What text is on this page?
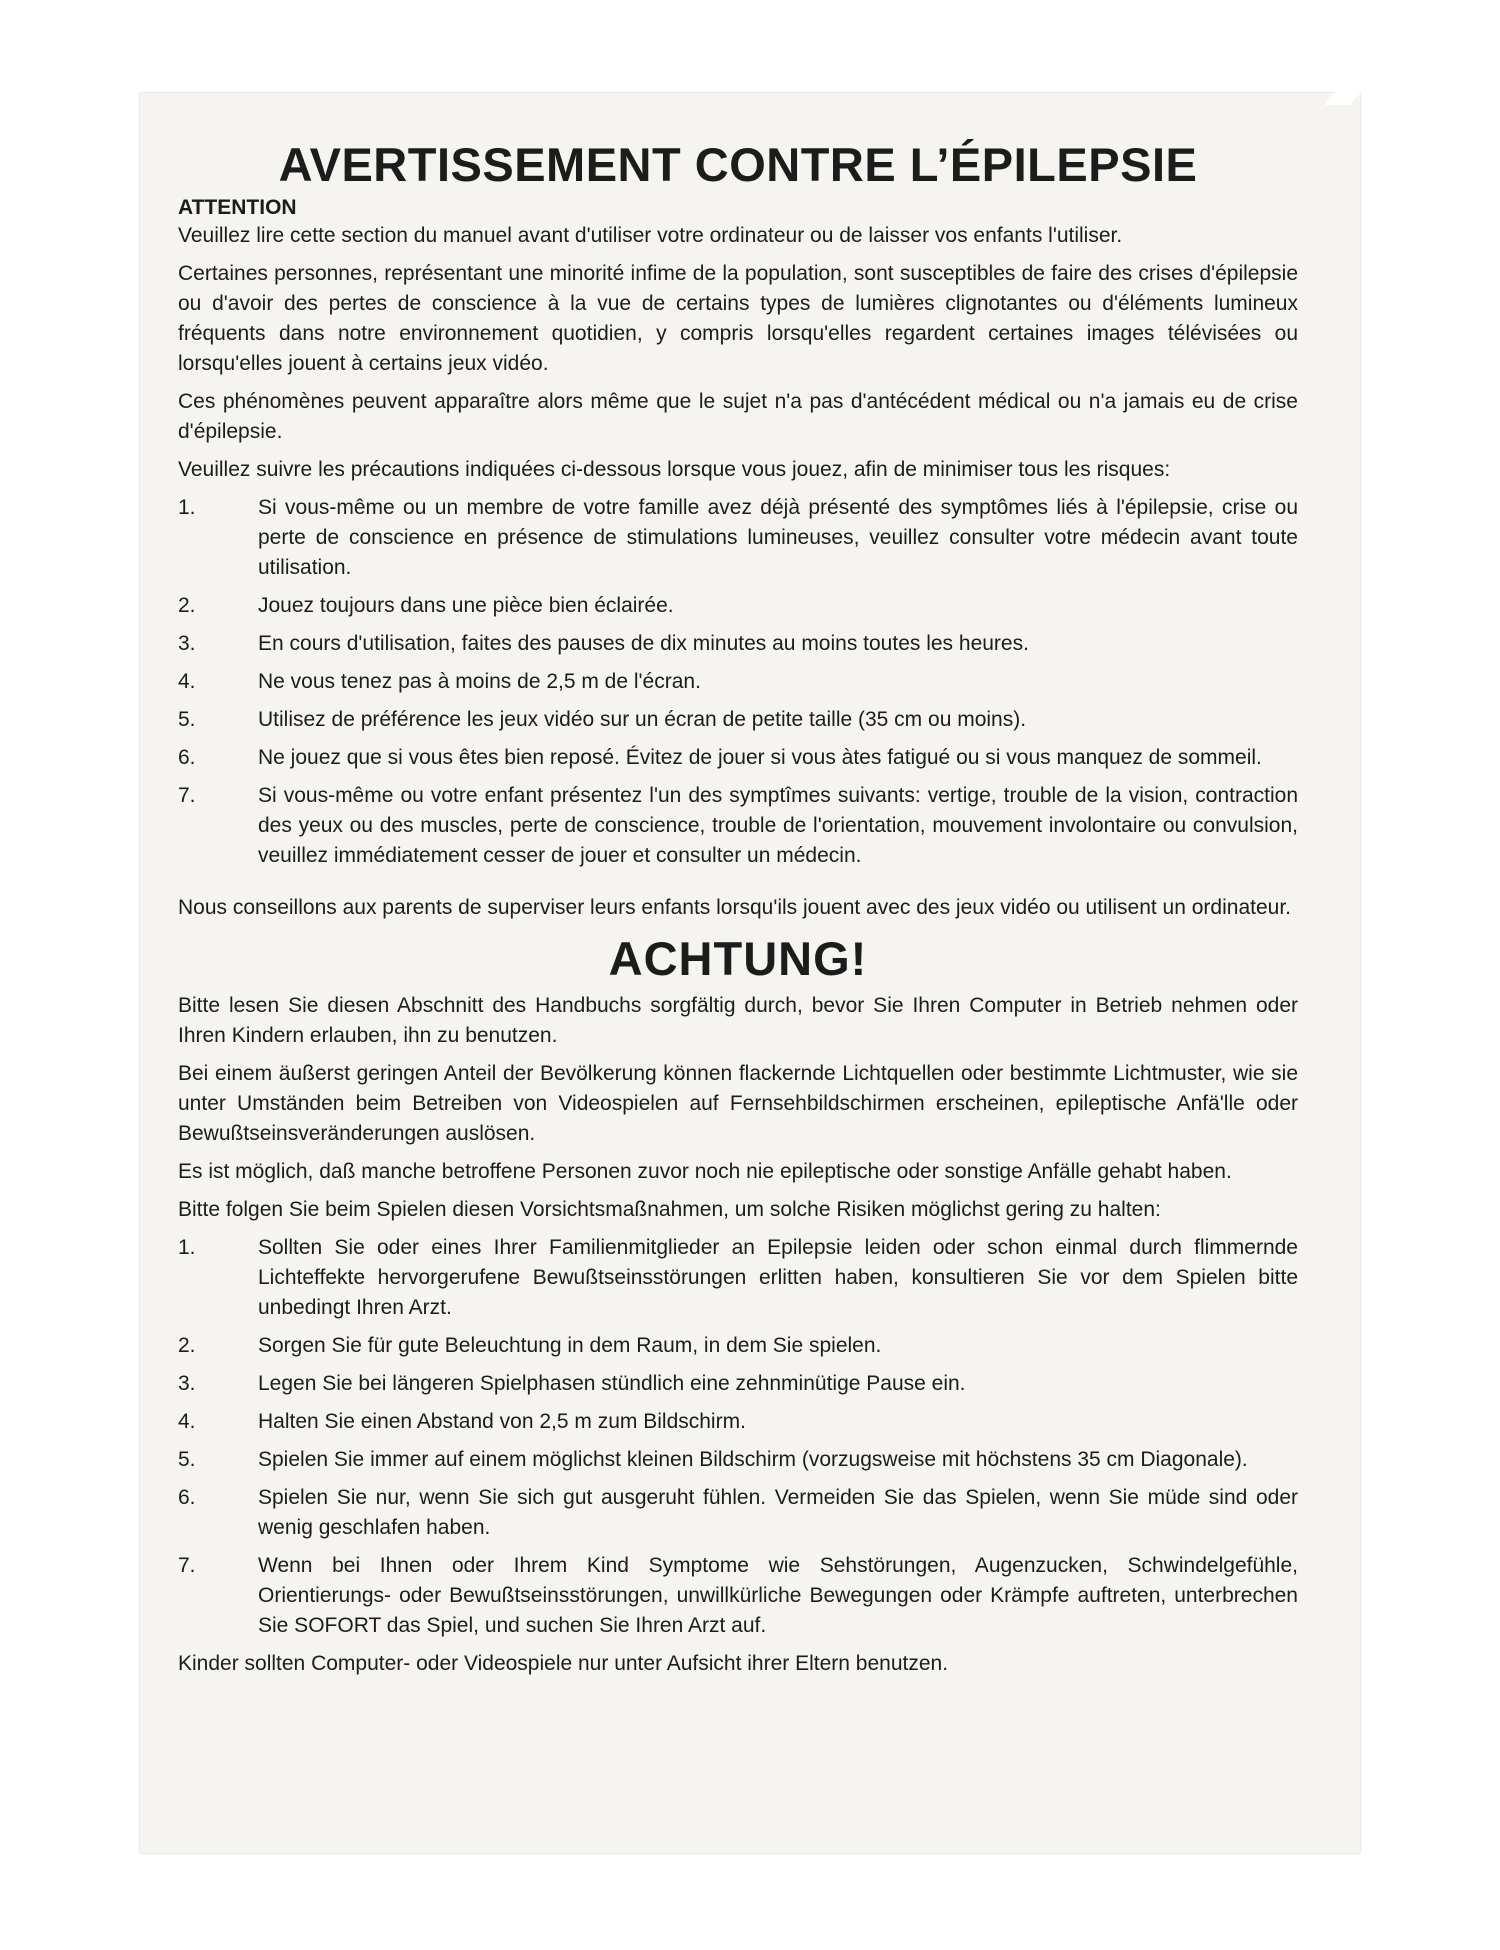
AVERTISSEMENT CONTRE L’ÉPILEPSIE
ATTENTION

Veuillez lire cette section du manuel avant d'utiliser votre ordinateur ou de laisser vos enfants l'utiliser.

Certaines personnes, représentant une minorité infime de la population, sont susceptibles de faire des crises d'épilepsie ou d'avoir des pertes de conscience à la vue de certains types de lumières clignotantes ou d'éléments lumineux fréquents dans notre environnement quotidien, y compris lorsqu'elles regardent certaines images télévisées ou lorsqu'elles jouent à certains jeux vidéo.

Ces phénomènes peuvent apparaître alors même que le sujet n'a pas d'antécédent médical ou n'a jamais eu de crise d'épilepsie.

Veuillez suivre les précautions indiquées ci-dessous lorsque vous jouez, afin de minimiser tous les risques:

1.	Si vous-même ou un membre de votre famille avez déjà présenté des symptômes liés à l'épilepsie, crise ou perte de conscience en présence de stimulations lumineuses, veuillez consulter votre médecin avant toute utilisation.
2.	Jouez toujours dans une pièce bien éclairée.
3.	En cours d'utilisation, faites des pauses de dix minutes au moins toutes les heures.
4.	Ne vous tenez pas à moins de 2,5 m de l'écran.
5.	Utilisez de préférence les jeux vidéo sur un écran de petite taille (35 cm ou moins).
6.	Ne jouez que si vous êtes bien reposé. Évitez de jouer si vous àtes fatigué ou si vous manquez de sommeil.
7.	Si vous-même ou votre enfant présentez l'un des symptîmes suivants: vertige, trouble de la vision, contraction des yeux ou des muscles, perte de conscience, trouble de l'orientation, mouvement involontaire ou convulsion, veuillez immédiatement cesser de jouer et consulter un médecin.

Nous conseillons aux parents de superviser leurs enfants lorsqu'ils jouent avec des jeux vidéo ou utilisent un ordinateur.

ACHTUNG!

Bitte lesen Sie diesen Abschnitt des Handbuchs sorgfältig durch, bevor Sie Ihren Computer in Betrieb nehmen oder Ihren Kindern erlauben, ihn zu benutzen.

Bei einem äußerst geringen Anteil der Bevölkerung können flackernde Lichtquellen oder bestimmte Lichtmuster, wie sie unter Umständen beim Betreiben von Videospielen auf Fernsehbildschirmen erscheinen, epileptische Anfä'lle oder Bewußtseinsveränderungen auslösen.

Es ist möglich, daß manche betroffene Personen zuvor noch nie epileptische oder sonstige Anfälle gehabt haben.

Bitte folgen Sie beim Spielen diesen Vorsichtsmaßnahmen, um solche Risiken möglichst gering zu halten:

1.	Sollten Sie oder eines Ihrer Familienmitglieder an Epilepsie leiden oder schon einmal durch flimmernde Lichteffekte hervorgerufene Bewußtseinsstörungen erlitten haben, konsultieren Sie vor dem Spielen bitte unbedingt Ihren Arzt.
2.	Sorgen Sie für gute Beleuchtung in dem Raum, in dem Sie spielen.
3.	Legen Sie bei längeren Spielphasen stündlich eine zehnminütige Pause ein.
4.	Halten Sie einen Abstand von 2,5 m zum Bildschirm.
5.	Spielen Sie immer auf einem möglichst kleinen Bildschirm (vorzugsweise mit höchstens 35 cm Diagonale).
6.	Spielen Sie nur, wenn Sie sich gut ausgeruht fühlen. Vermeiden Sie das Spielen, wenn Sie müde sind oder wenig geschlafen haben.
7.	Wenn bei Ihnen oder Ihrem Kind Symptome wie Sehstörungen, Augenzucken, Schwindelgefühle, Orientierungs- oder Bewußtseinsstörungen, unwillkürliche Bewegungen oder Krämpfe auftreten, unterbrechen Sie SOFORT das Spiel, und suchen Sie Ihren Arzt auf.

Kinder sollten Computer- oder Videospiele nur unter Aufsicht ihrer Eltern benutzen.
